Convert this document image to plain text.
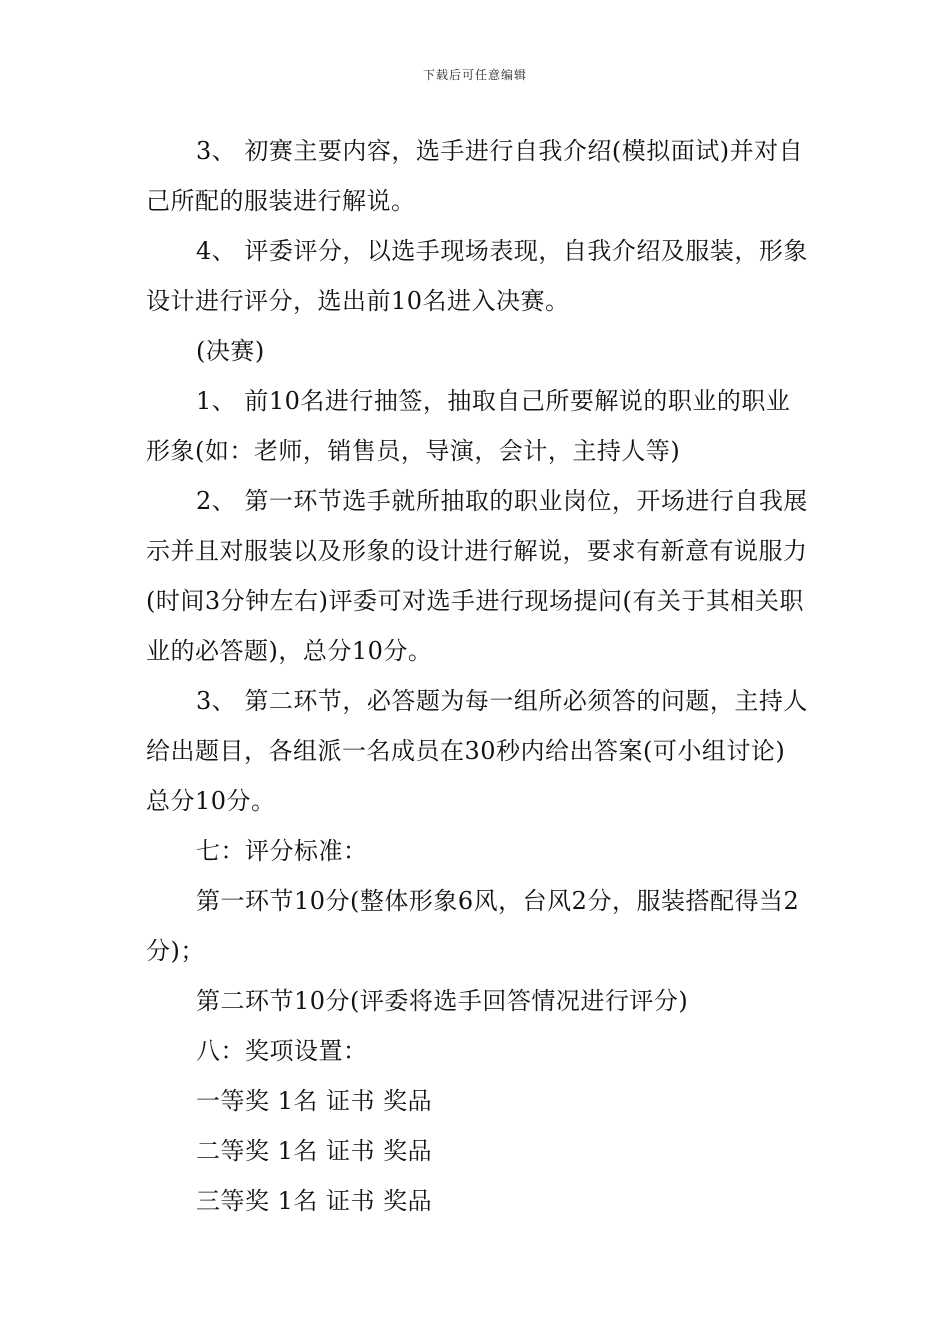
下载后可任意编辑

3、 初赛主要内容，选手进行自我介绍(模拟面试)并对自己所配的服装进行解说。

4、 评委评分，以选手现场表现，自我介绍及服装，形象设计进行评分，选出前10名进入决赛。

(决赛)

1、 前10名进行抽签，抽取自己所要解说的职业的职业形象(如：老师，销售员，导演，会计，主持人等)

2、 第一环节选手就所抽取的职业岗位，开场进行自我展示并且对服装以及形象的设计进行解说，要求有新意有说服力(时间3分钟左右)评委可对选手进行现场提问(有关于其相关职业的必答题)，总分10分。

3、 第二环节，必答题为每一组所必须答的问题，主持人给出题目，各组派一名成员在30秒内给出答案(可小组讨论)总分10分。

七：评分标准：

第一环节10分(整体形象6风，台风2分，服装搭配得当2分)；

第二环节10分(评委将选手回答情况进行评分)

八：奖项设置：

一等奖 1名 证书 奖品
二等奖 1名 证书 奖品
三等奖 1名 证书 奖品
